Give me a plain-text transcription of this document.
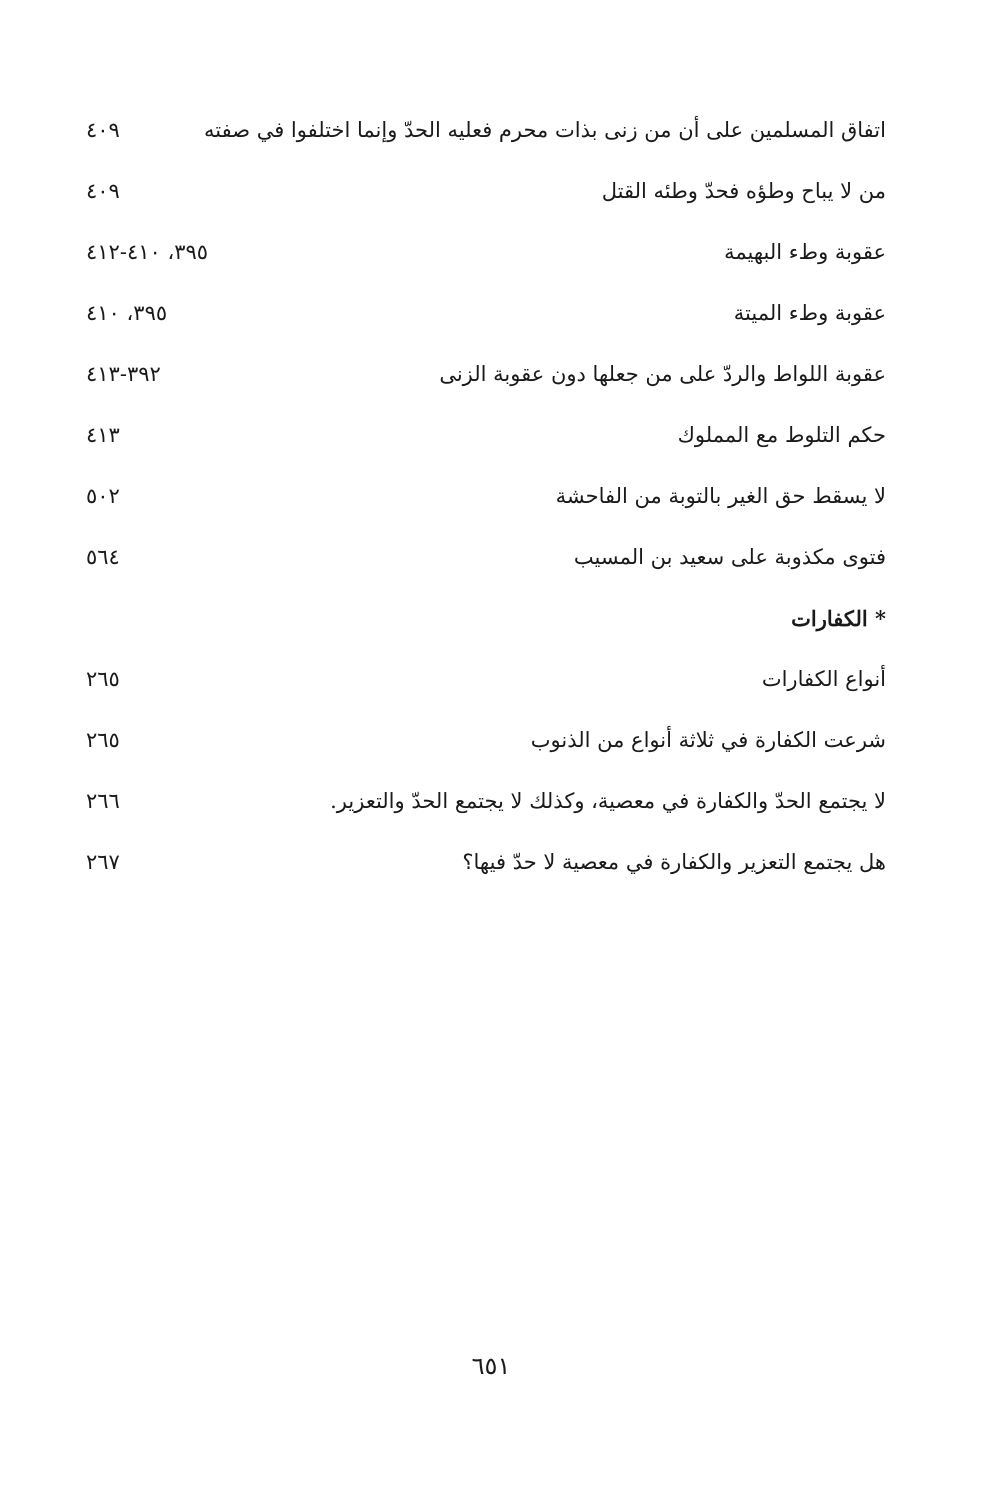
اتفاق المسلمين على أن من زنى بذات محرم فعليه الحدّ وإنما اختلفوا في صفته
٤٠٩
من لا يباح وطؤه فحدّ وطئه القتل
٤٠٩
عقوبة وطء البهيمة
٣٩٥، ٤١٠-٤١٢
عقوبة وطء الميتة
٣٩٥، ٤١٠
عقوبة اللواط والردّ على من جعلها دون عقوبة الزنى
٣٩٢-٤١٣
حكم التلوط مع المملوك
٤١٣
لا يسقط حق الغير بالتوبة من الفاحشة
٥٠٢
فتوى مكذوبة على سعيد بن المسيب
٥٦٤
* الكفارات
أنواع الكفارات
٢٦٥
شرعت الكفارة في ثلاثة أنواع من الذنوب
٢٦٥
لا يجتمع الحدّ والكفارة في معصية، وكذلك لا يجتمع الحدّ والتعزير.
٢٦٦
هل يجتمع التعزير والكفارة في معصية لا حدّ فيها؟
٢٦٧
٦٥١
